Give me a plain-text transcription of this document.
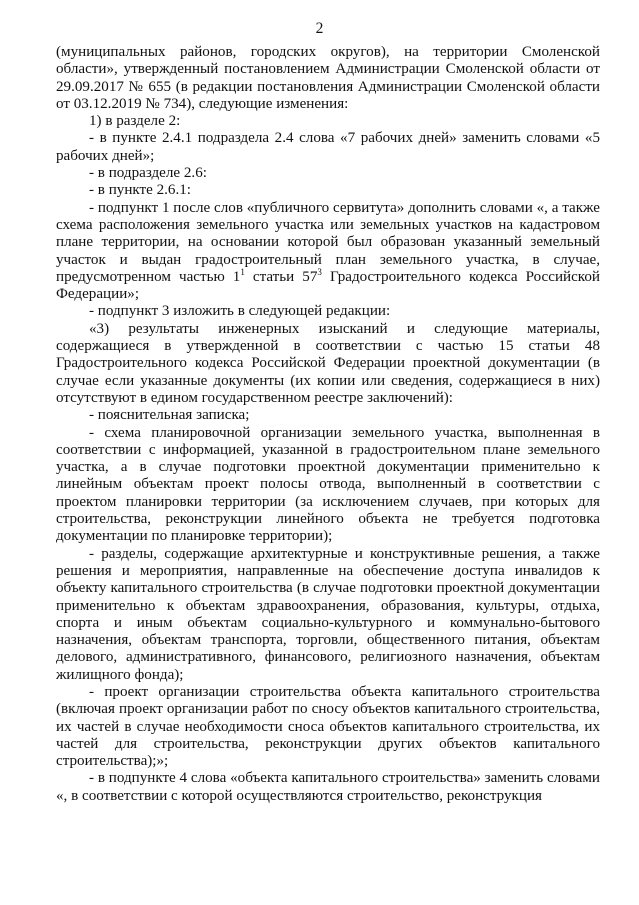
2

(муниципальных районов, городских округов), на территории Смоленской области», утвержденный постановлением Администрации Смоленской области от 29.09.2017 № 655 (в редакции постановления Администрации Смоленской области от 03.12.2019 № 734), следующие изменения:

1) в разделе 2:

- в пункте 2.4.1 подраздела 2.4 слова «7 рабочих дней» заменить словами «5 рабочих дней»;

- в подразделе 2.6:

- в пункте 2.6.1:

- подпункт 1 после слов «публичного сервитута» дополнить словами «, а также схема расположения земельного участка или земельных участков на кадастровом плане территории, на основании которой был образован указанный земельный участок и выдан градостроительный план земельного участка, в случае, предусмотренном частью $1^1$ статьи $57^3$ Градостроительного кодекса Российской Федерации»;

- подпункт 3 изложить в следующей редакции:

«3) результаты инженерных изысканий и следующие материалы, содержащиеся в утвержденной в соответствии с частью 15 статьи 48 Градостроительного кодекса Российской Федерации проектной документации (в случае если указанные документы (их копии или сведения, содержащиеся в них) отсутствуют в едином государственном реестре заключений):

- пояснительная записка;

- схема планировочной организации земельного участка, выполненная в соответствии с информацией, указанной в градостроительном плане земельного участка, а в случае подготовки проектной документации применительно к линейным объектам проект полосы отвода, выполненный в соответствии с проектом планировки территории (за исключением случаев, при которых для строительства, реконструкции линейного объекта не требуется подготовка документации по планировке территории);

- разделы, содержащие архитектурные и конструктивные решения, а также решения и мероприятия, направленные на обеспечение доступа инвалидов к объекту капитального строительства (в случае подготовки проектной документации применительно к объектам здравоохранения, образования, культуры, отдыха, спорта и иным объектам социально-культурного и коммунально-бытового назначения, объектам транспорта, торговли, общественного питания, объектам делового, административного, финансового, религиозного назначения, объектам жилищного фонда);

- проект организации строительства объекта капитального строительства (включая проект организации работ по сносу объектов капитального строительства, их частей в случае необходимости сноса объектов капитального строительства, их частей для строительства, реконструкции других объектов капитального строительства);»;

- в подпункте 4 слова «объекта капитального строительства» заменить словами «, в соответствии с которой осуществляются строительство, реконструкция
